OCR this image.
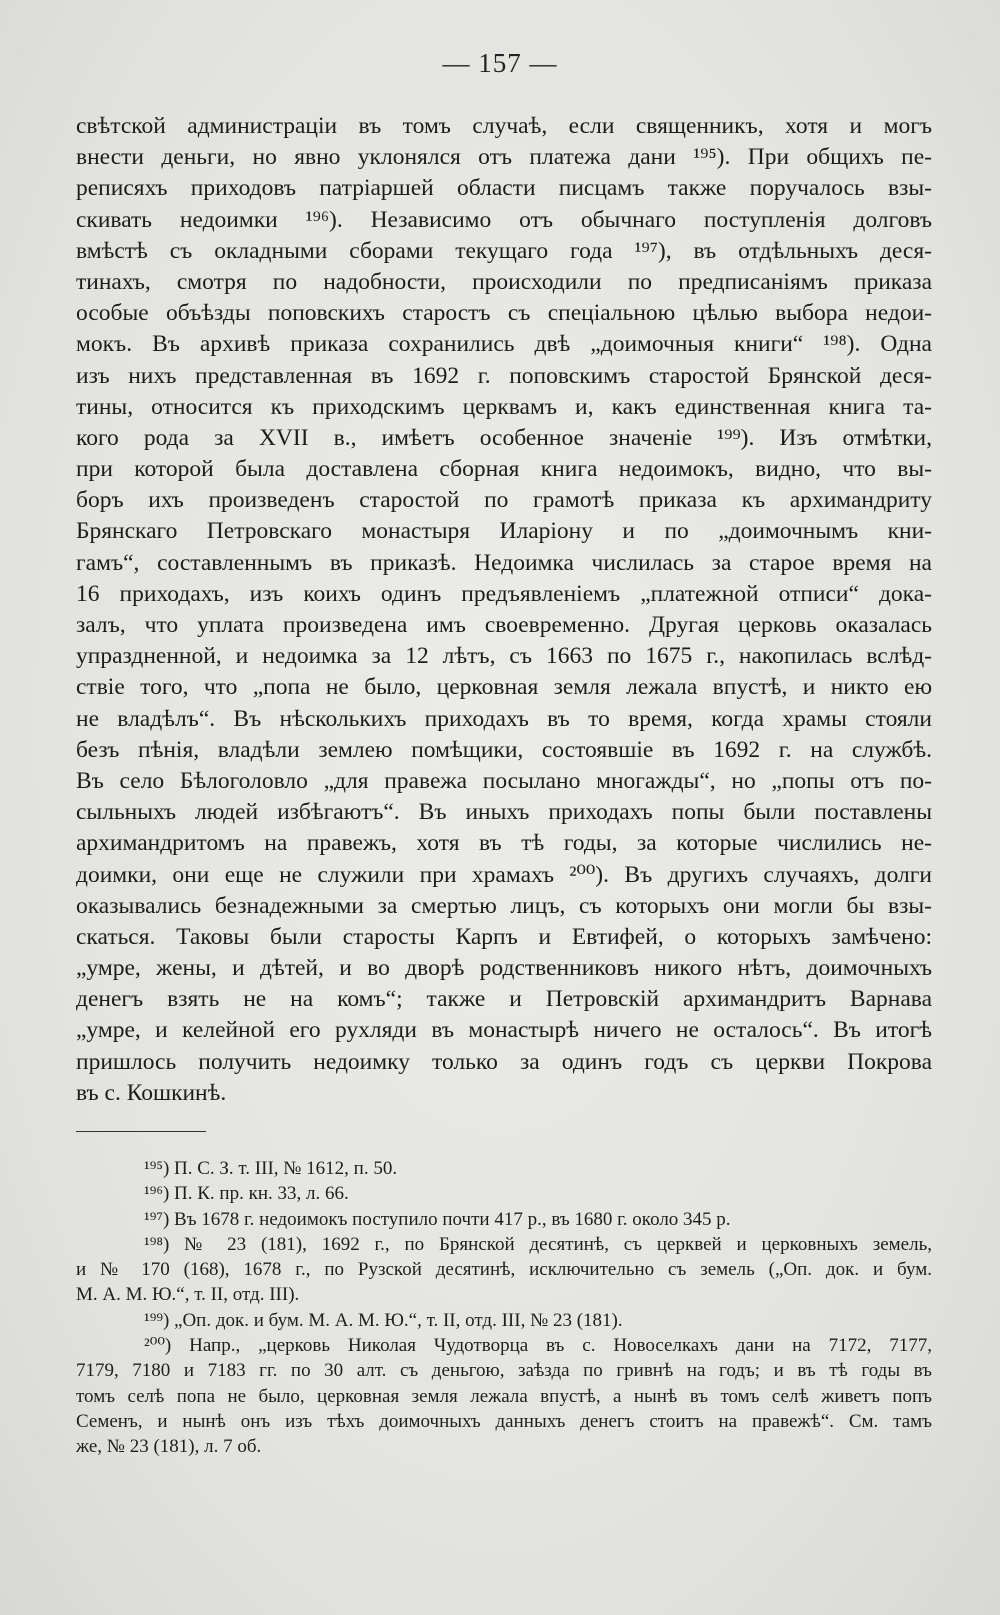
— 157 —
свѣтской администраціи въ томъ случаѣ, если священникъ, хотя и могъ
внести деньги, но явно уклонялся отъ платежа дани ¹⁹⁵). При общихъ пе-
реписяхъ приходовъ патріаршей области писцамъ также поручалось взы-
скивать недоимки ¹⁹⁶). Независимо отъ обычнаго поступленія долговъ
вмѣстѣ съ окладными сборами текущаго года ¹⁹⁷), въ отдѣльныхъ деся-
тинахъ, смотря по надобности, происходили по предписаніямъ приказа
особые объѣзды поповскихъ старостъ съ спеціальною цѣлью выбора недои-
мокъ. Въ архивѣ приказа сохранились двѣ „доимочныя книги“ ¹⁹⁸). Одна
изъ нихъ представленная въ 1692 г. поповскимъ старостой Брянской деся-
тины, относится къ приходскимъ церквамъ и, какъ единственная книга та-
кого рода за XVII в., имѣетъ особенное значеніе ¹⁹⁹). Изъ отмѣтки,
при которой была доставлена сборная книга недоимокъ, видно, что вы-
боръ ихъ произведенъ старостой по грамотѣ приказа къ архимандриту
Брянскаго Петровскаго монастыря Иларіону и по „доимочнымъ кни-
гамъ“, составленнымъ въ приказѣ. Недоимка числилась за старое время на
16 приходахъ, изъ коихъ одинъ предъявленіемъ „платежной отписи“ дока-
залъ, что уплата произведена имъ своевременно. Другая церковь оказалась
упраздненной, и недоимка за 12 лѣтъ, съ 1663 по 1675 г., накопилась вслѣд-
ствіе того, что „попа не было, церковная земля лежала впустѣ, и никто ею
не владѣлъ“. Въ нѣсколькихъ приходахъ въ то время, когда храмы стояли
безъ пѣнія, владѣли землею помѣщики, состоявшіе въ 1692 г. на службѣ.
Въ село Бѣлоголовло „для правежа посылано многажды“, но „попы отъ по-
сыльныхъ людей избѣгаютъ“. Въ иныхъ приходахъ попы были поставлены
архимандритомъ на правежъ, хотя въ тѣ годы, за которые числились не-
доимки, они еще не служили при храмахъ ²⁰⁰). Въ другихъ случаяхъ, долги
оказывались безнадежными за смертью лицъ, съ которыхъ они могли бы взы-
скаться. Таковы были старосты Карпъ и Евтифей, о которыхъ замѣчено:
„умре, жены, и дѣтей, и во дворѣ родственниковъ никого нѣтъ, доимочныхъ
денегъ взять не на комъ“; также и Петровскій архимандритъ Варнава
„умре, и келейной его рухляди въ монастырѣ ничего не осталось“. Въ итогѣ
пришлось получить недоимку только за одинъ годъ съ церкви Покрова
въ с. Кошкинѣ.
¹⁹⁵) П. С. З. т. III, № 1612, п. 50.
¹⁹⁶) П. К. пр. кн. 33, л. 66.
¹⁹⁷) Въ 1678 г. недоимокъ поступило почти 417 р., въ 1680 г. около 345 р.
¹⁹⁸) № 23 (181), 1692 г., по Брянской десятинѣ, съ церквей и церковныхъ земель,
и № 170 (168), 1678 г., по Рузской десятинѣ, исключительно съ земель („Оп. док. и бум.
М. А. М. Ю.“, т. II, отд. III).
¹⁹⁹) „Оп. док. и бум. М. А. М. Ю.“, т. II, отд. III, № 23 (181).
²⁰⁰) Напр., „церковь Николая Чудотворца въ с. Новоселкахъ дани на 7172, 7177,
7179, 7180 и 7183 гг. по 30 алт. съ деньгою, заѣзда по гривнѣ на годъ; и въ тѣ годы въ
томъ селѣ попа не было, церковная земля лежала впустѣ, а нынѣ въ томъ селѣ живетъ попъ
Семенъ, и нынѣ онъ изъ тѣхъ доимочныхъ данныхъ денегъ стоитъ на правежѣ“. См. тамъ
же, № 23 (181), л. 7 об.
